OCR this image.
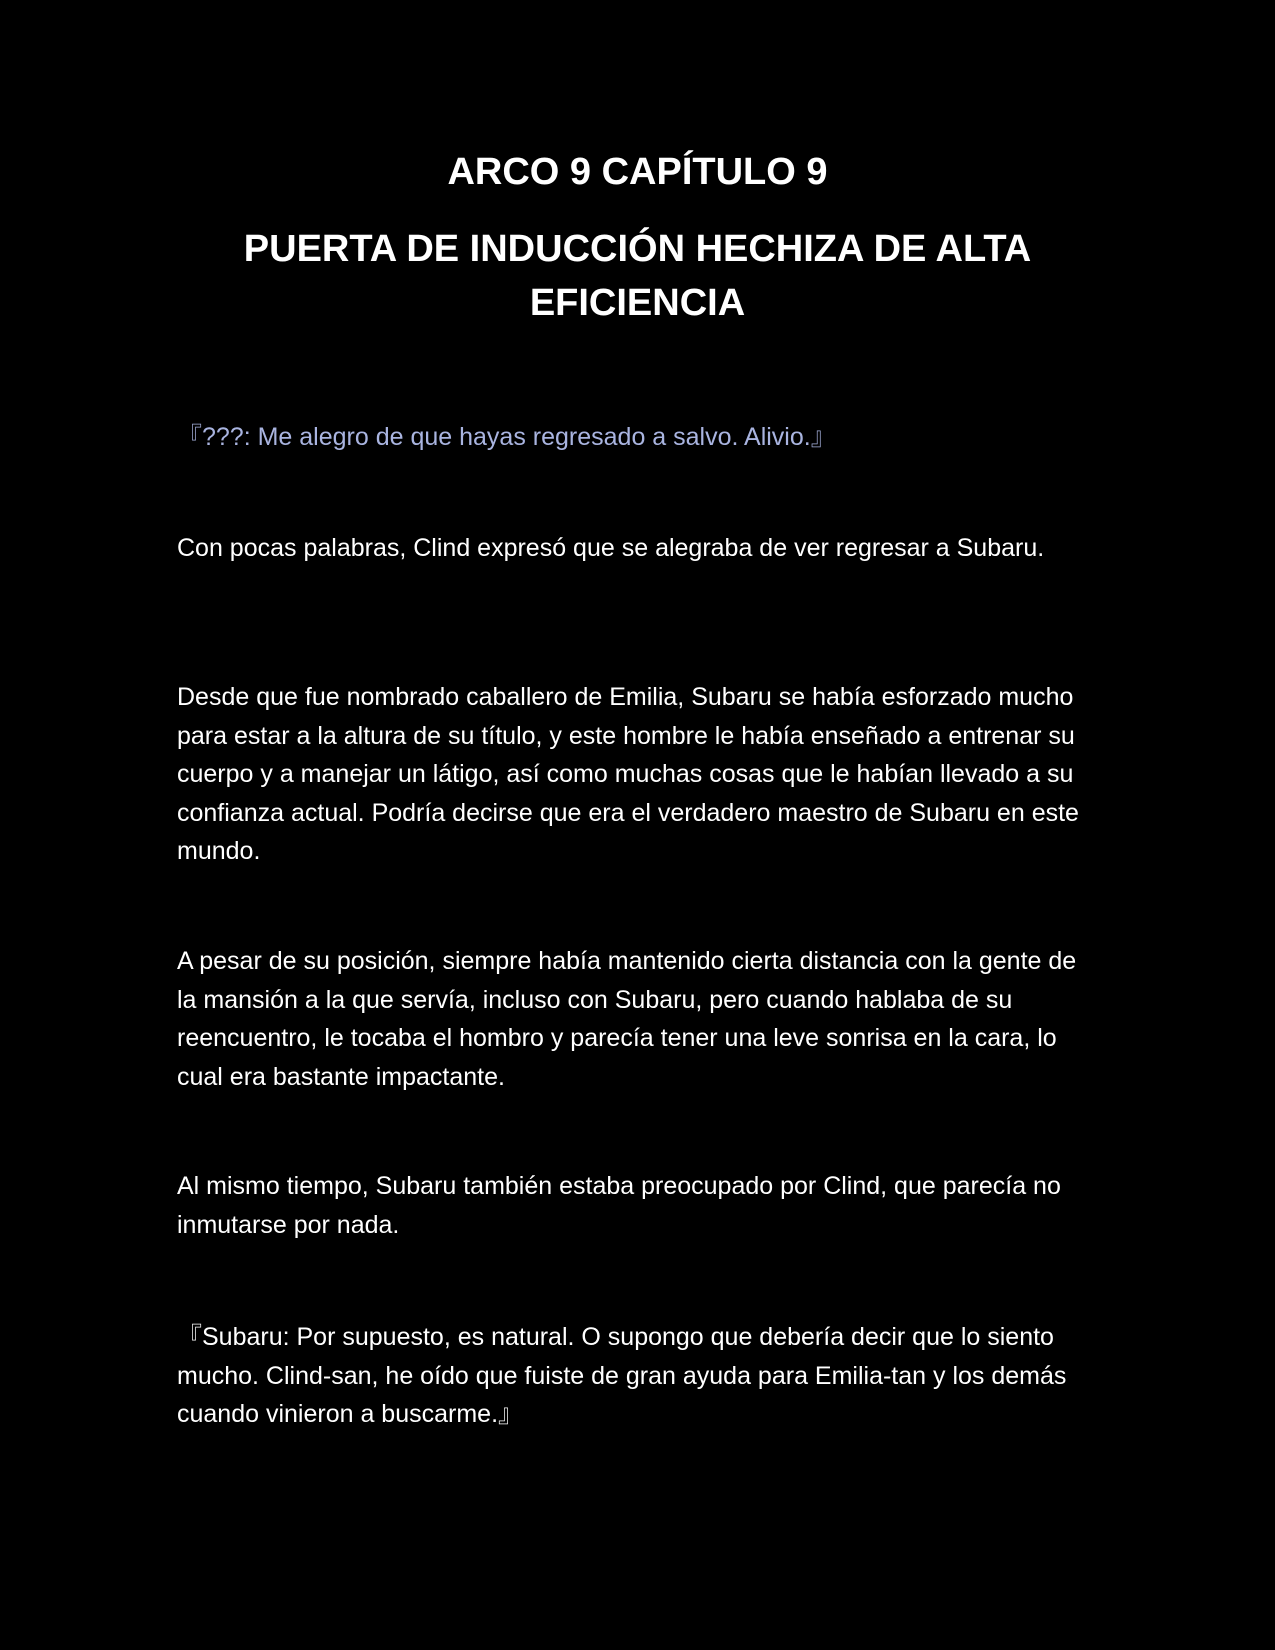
ARCO 9 CAPÍTULO 9
PUERTA DE INDUCCIÓN HECHIZA DE ALTA EFICIENCIA

『???: Me alegro de que hayas regresado a salvo. Alivio.』

Con pocas palabras, Clind expresó que se alegraba de ver regresar a Subaru.

Desde que fue nombrado caballero de Emilia, Subaru se había esforzado mucho para estar a la altura de su título, y este hombre le había enseñado a entrenar su cuerpo y a manejar un látigo, así como muchas cosas que le habían llevado a su confianza actual. Podría decirse que era el verdadero maestro de Subaru en este mundo.

A pesar de su posición, siempre había mantenido cierta distancia con la gente de la mansión a la que servía, incluso con Subaru, pero cuando hablaba de su reencuentro, le tocaba el hombro y parecía tener una leve sonrisa en la cara, lo cual era bastante impactante.

Al mismo tiempo, Subaru también estaba preocupado por Clind, que parecía no inmutarse por nada.

『Subaru: Por supuesto, es natural. O supongo que debería decir que lo siento mucho. Clind-san, he oído que fuiste de gran ayuda para Emilia-tan y los demás cuando vinieron a buscarme.』
